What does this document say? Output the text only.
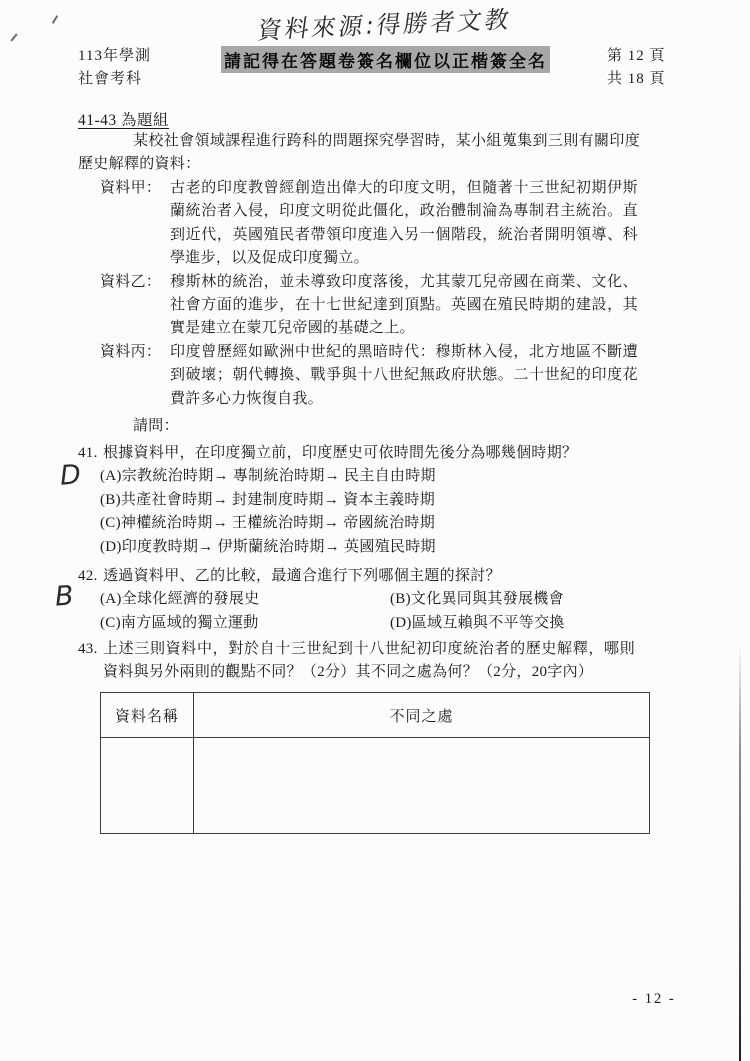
資料來源:得勝者文教
113年學測
社會考科
請記得在答題卷簽名欄位以正楷簽全名	第 12 頁
共 18 頁
41-43 為題組

某校社會領域課程進行跨科的問題探究學習時，某小組蒐集到三則有關印度歷史解釋的資料：

資料甲： 古老的印度教曾經創造出偉大的印度文明，但隨著十三世紀初期伊斯蘭統治者入侵，印度文明從此僵化，政治體制淪為專制君主統治。直到近代，英國殖民者帶領印度進入另一個階段，統治者開明領導、科學進步，以及促成印度獨立。
資料乙： 穆斯林的統治，並未導致印度落後，尤其蒙兀兒帝國在商業、文化、社會方面的進步，在十七世紀達到頂點。英國在殖民時期的建設，其實是建立在蒙兀兒帝國的基礎之上。
資料丙： 印度曾歷經如歐洲中世紀的黑暗時代：穆斯林入侵，北方地區不斷遭到破壞；朝代轉換、戰爭與十八世紀無政府狀態。二十世紀的印度花費許多心力恢復自我。
請問：
41. 根據資料甲，在印度獨立前，印度歷史可依時間先後分為哪幾個時期？
(A)宗教統治時期→ 專制統治時期→ 民主自由時期
(B)共產社會時期→ 封建制度時期→ 資本主義時期
(C)神權統治時期→ 王權統治時期→ 帝國統治時期
(D)印度教時期→ 伊斯蘭統治時期→ 英國殖民時期
D
42. 透過資料甲、乙的比較，最適合進行下列哪個主題的探討？
(A)全球化經濟的發展史	(B)文化異同與其發展機會
(C)南方區域的獨立運動	(D)區域互賴與不平等交換
B
43. 上述三則資料中，對於自十三世紀到十八世紀初印度統治者的歷史解釋，哪則資料與另外兩則的觀點不同？（2分）其不同之處為何？（2分，20字內）
資料名稱	不同之處

- 12 -
